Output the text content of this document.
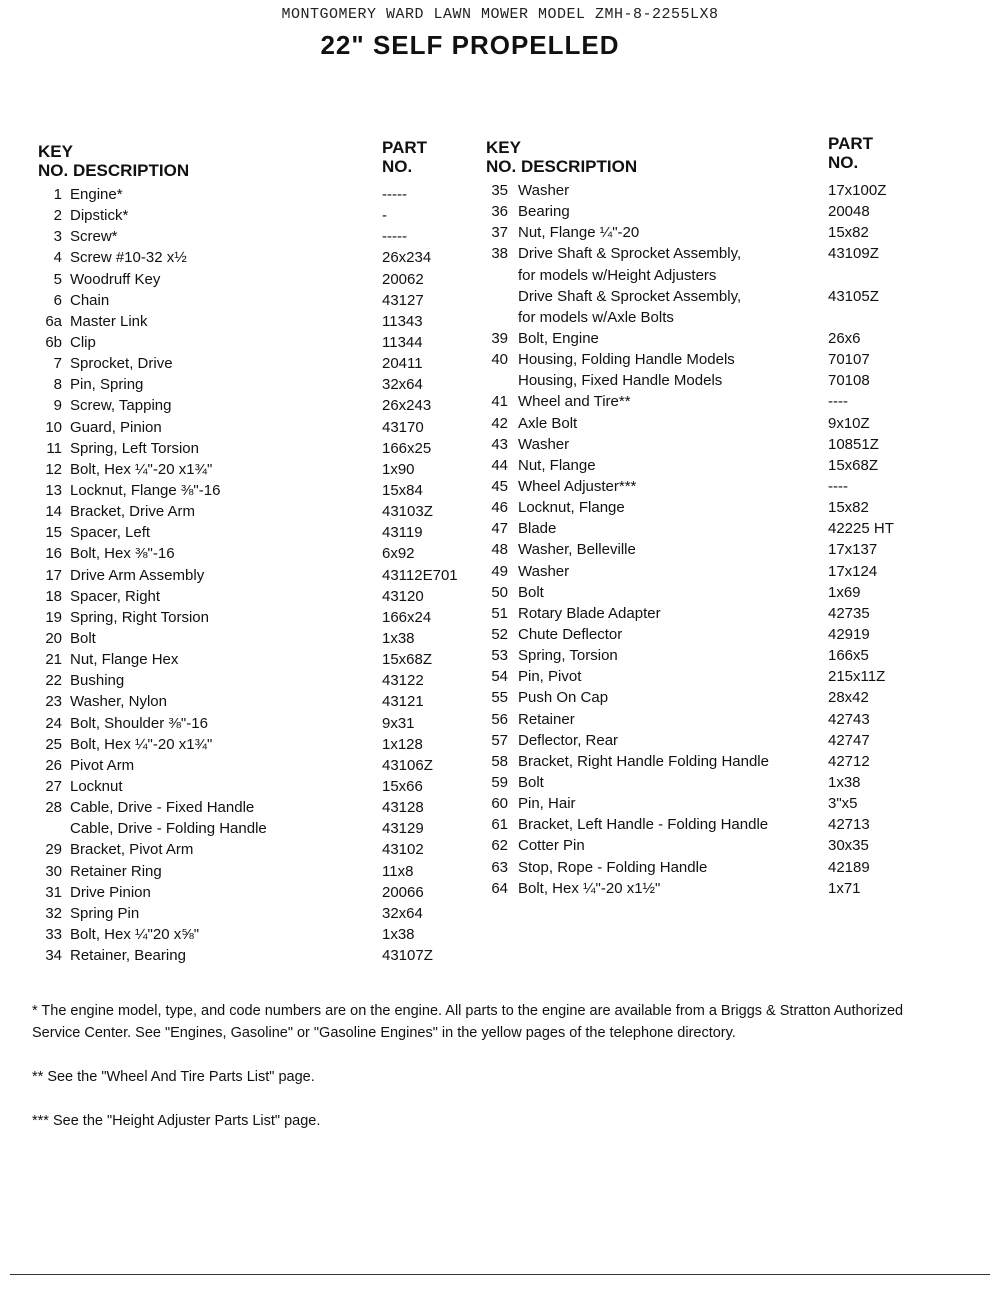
MONTGOMERY WARD LAWN MOWER MODEL ZMH-8-2255LX8
22" SELF PROPELLED
KEY
NO. DESCRIPTION
PART
NO.
1 Engine*	-----
2 Dipstick*	-
3 Screw*	-----
4 Screw #10-32 x½	26x234
5 Woodruff Key	20062
6 Chain	43127
6a Master Link	11343
6b Clip	11344
7 Sprocket, Drive	20411
8 Pin, Spring	32x64
9 Screw, Tapping	26x243
10 Guard, Pinion	43170
11 Spring, Left Torsion	166x25
12 Bolt, Hex ¼"-20 x1¾"	1x90
13 Locknut, Flange ⅜"-16	15x84
14 Bracket, Drive Arm	43103Z
15 Spacer, Left	43119
16 Bolt, Hex ⅜"-16	6x92
17 Drive Arm Assembly	43112E701
18 Spacer, Right	43120
19 Spring, Right Torsion	166x24
20 Bolt	1x38
21 Nut, Flange Hex	15x68Z
22 Bushing	43122
23 Washer, Nylon	43121
24 Bolt, Shoulder ⅜"-16	9x31
25 Bolt, Hex ¼"-20 x1¾"	1x128
26 Pivot Arm	43106Z
27 Locknut	15x66
28 Cable, Drive - Fixed Handle	43128
Cable, Drive - Folding Handle	43129
29 Bracket, Pivot Arm	43102
30 Retainer Ring	11x8
31 Drive Pinion	20066
32 Spring Pin	32x64
33 Bolt, Hex ¼"20 x⅝"	1x38
34 Retainer, Bearing	43107Z
KEY
NO. DESCRIPTION
PART
NO.
35 Washer	17x100Z
36 Bearing	20048
37 Nut, Flange ¼"-20	15x82
38 Drive Shaft & Sprocket Assembly,	43109Z
for models w/Height Adjusters
Drive Shaft & Sprocket Assembly,	43105Z
for models w/Axle Bolts
39 Bolt, Engine	26x6
40 Housing, Folding Handle Models	70107
Housing, Fixed Handle Models	70108
41 Wheel and Tire**	----
42 Axle Bolt	9x10Z
43 Washer	10851Z
44 Nut, Flange	15x68Z
45 Wheel Adjuster***	----
46 Locknut, Flange	15x82
47 Blade	42225 HT
48 Washer, Belleville	17x137
49 Washer	17x124
50 Bolt	1x69
51 Rotary Blade Adapter	42735
52 Chute Deflector	42919
53 Spring, Torsion	166x5
54 Pin, Pivot	215x11Z
55 Push On Cap	28x42
56 Retainer	42743
57 Deflector, Rear	42747
58 Bracket, Right Handle Folding Handle	42712
59 Bolt	1x38
60 Pin, Hair	3"x5
61 Bracket, Left Handle - Folding Handle	42713
62 Cotter Pin	30x35
63 Stop, Rope - Folding Handle	42189
64 Bolt, Hex ¼"-20 x1½"	1x71
* The engine model, type, and code numbers are on the engine. All parts to the engine are available from a Briggs & Stratton Authorized Service Center. See "Engines, Gasoline" or "Gasoline Engines" in the yellow pages of the telephone directory.
** See the "Wheel And Tire Parts List" page.
*** See the "Height Adjuster Parts List" page.
